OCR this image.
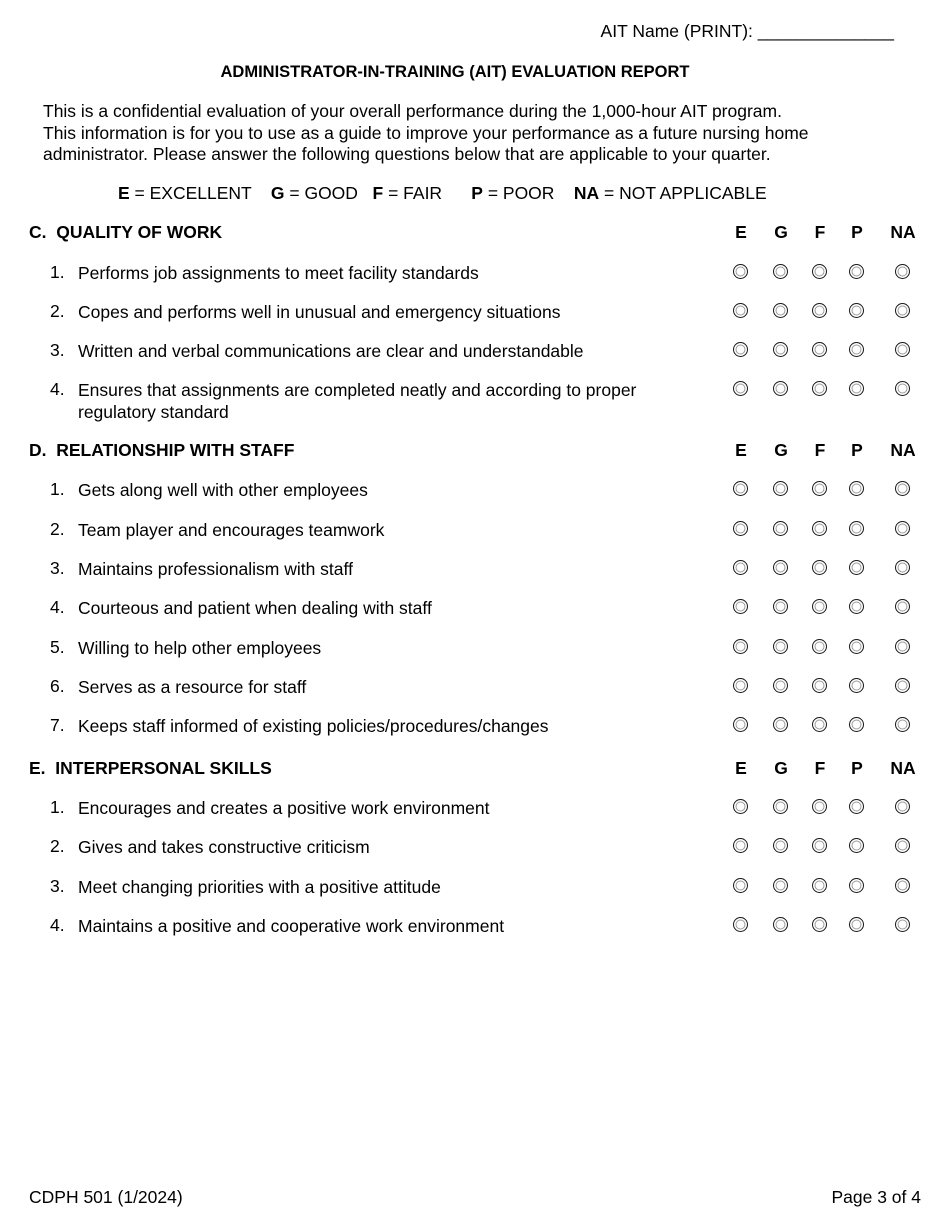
AIT Name (PRINT): ______________
ADMINISTRATOR-IN-TRAINING (AIT) EVALUATION REPORT
This is a confidential evaluation of your overall performance during the 1,000-hour AIT program.
This information is for you to use as a guide to improve your performance as a future nursing home
administrator. Please answer the following questions below that are applicable to your quarter.
E = EXCELLENT G = GOOD F = FAIR P = POOR NA = NOT APPLICABLE
C.  QUALITY OF WORK	E	G	F	P	NA
1. Performs job assignments to meet facility standards
2. Copes and performs well in unusual and emergency situations
3. Written and verbal communications are clear and understandable
4. Ensures that assignments are completed neatly and according to proper regulatory standard
D.  RELATIONSHIP WITH STAFF	E	G	F	P	NA
1. Gets along well with other employees
2. Team player and encourages teamwork
3. Maintains professionalism with staff
4. Courteous and patient when dealing with staff
5. Willing to help other employees
6. Serves as a resource for staff
7. Keeps staff informed of existing policies/procedures/changes
E.  INTERPERSONAL SKILLS	E	G	F	P	NA
1. Encourages and creates a positive work environment
2. Gives and takes constructive criticism
3. Meet changing priorities with a positive attitude
4. Maintains a positive and cooperative work environment
CDPH 501 (1/2024)	Page 3 of 4
